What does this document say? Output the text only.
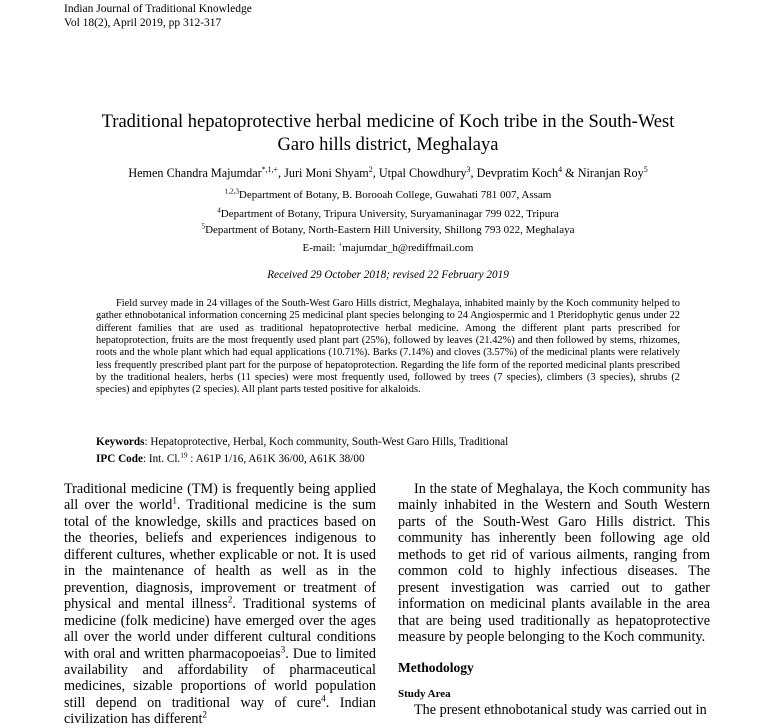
Indian Journal of Traditional Knowledge
Vol 18(2), April 2019, pp 312-317
Traditional hepatoprotective herbal medicine of Koch tribe in the South-West
Garo hills district, Meghalaya
Hemen Chandra Majumdar$^{*,1,+}$, Juri Moni Shyam$^2$, Utpal Chowdhury$^3$, Devpratim Koch$^4$ & Niranjan Roy$^5$
$^{1,2,3}$Department of Botany, B. Borooah College, Guwahati 781 007, Assam
$^4$Department of Botany, Tripura University, Suryamaninagar 799 022, Tripura
$^5$Department of Botany, North-Eastern Hill University, Shillong 793 022, Meghalaya
E-mail: +majumdar_h@rediffmail.com
Received 29 October 2018; revised 22 February 2019
Field survey made in 24 villages of the South-West Garo Hills district, Meghalaya, inhabited mainly by the Koch community helped to gather ethnobotanical information concerning 25 medicinal plant species belonging to 24 Angiospermic and 1 Pteridophytic genus under 22 different families that are used as traditional hepatoprotective herbal medicine. Among the different plant parts prescribed for hepatoprotection, fruits are the most frequently used plant part (25%), followed by leaves (21.42%) and then followed by stems, rhizomes, roots and the whole plant which had equal applications (10.71%). Barks (7.14%) and cloves (3.57%) of the medicinal plants were relatively less frequently prescribed plant part for the purpose of hepatoprotection. Regarding the life form of the reported medicinal plants prescribed by the traditional healers, herbs (11 species) were most frequently used, followed by trees (7 species), climbers (3 species), shrubs (2 species) and epiphytes (2 species). All plant parts tested positive for alkaloids.
Keywords: Hepatoprotective, Herbal, Koch community, South-West Garo Hills, Traditional
IPC Code: Int. Cl.$^{19}$ : A61P 1/16, A61K 36/00, A61K 38/00

Traditional medicine (TM) is frequently being applied all over the world$^1$. Traditional medicine is the sum total of the knowledge, skills and practices based on the theories, beliefs and experiences indigenous to different cultures, whether explicable or not. It is used in the maintenance of health as well as in the prevention, diagnosis, improvement or treatment of physical and mental illness$^2$. Traditional systems of medicine (folk medicine) have emerged over the ages all over the world under different cultural conditions with oral and written pharmacopoeias$^3$. Due to limited availability and affordability of pharmaceutical medicines, sizable proportions of world population still depend on traditional way of cure$^4$. Indian civilization has different$^2$

In the state of Meghalaya, the Koch community has mainly inhabited in the Western and South Western parts of the South-West Garo Hills district. This community has inherently been following age old methods to get rid of various ailments, ranging from common cold to highly infectious diseases. The present investigation was carried out to gather information on medicinal plants available in the area that are being used traditionally as hepatoprotective measure by people belonging to the Koch community.

Methodology
Study Area

The present ethnobotanical study was carried out in
